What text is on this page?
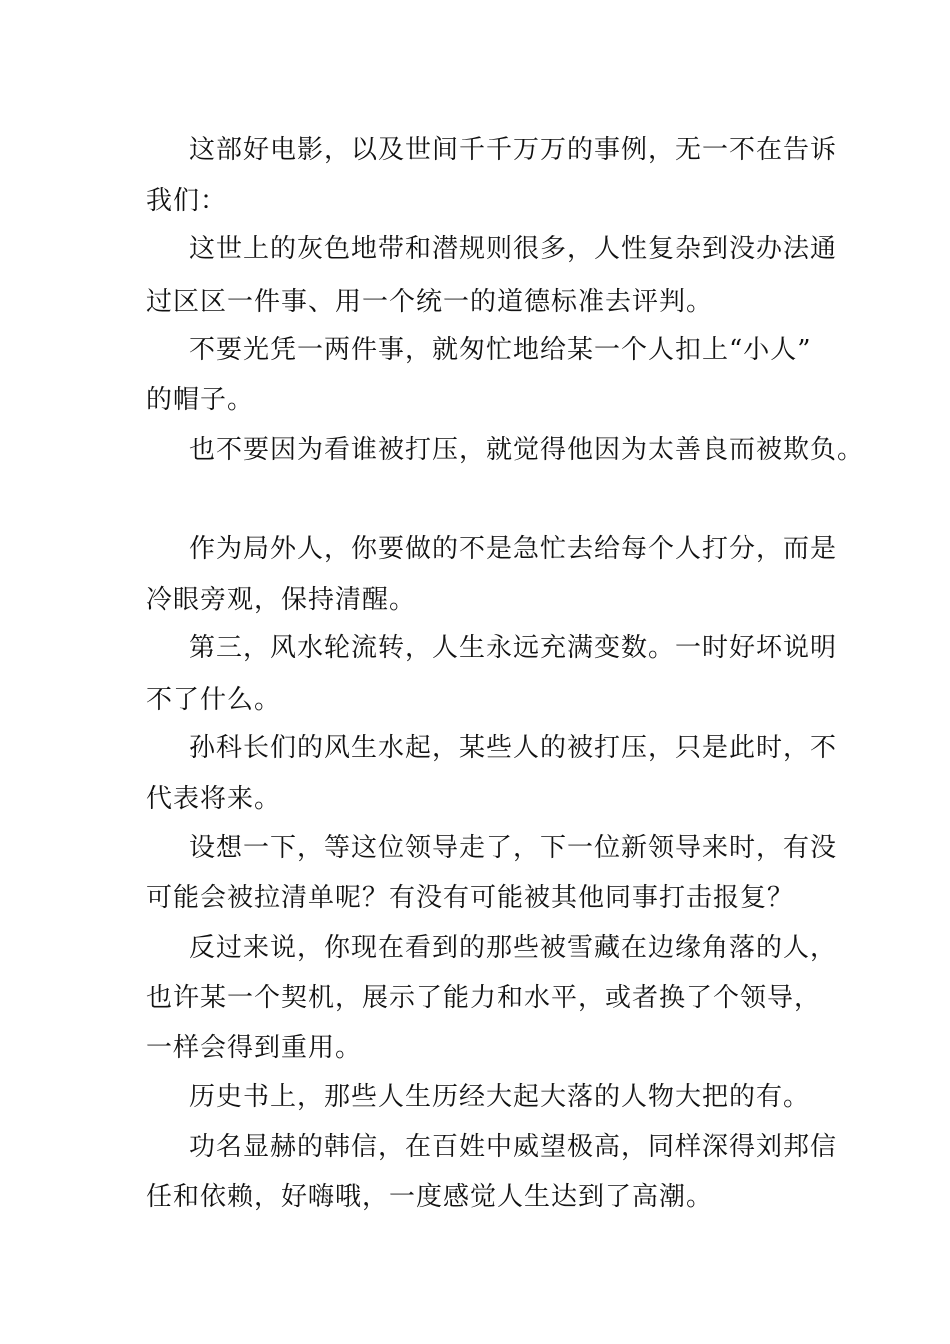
这部好电影，以及世间千千万万的事例，无一不在告诉
我们：
这世上的灰色地带和潜规则很多，人性复杂到没办法通
过区区一件事、用一个统一的道德标准去评判。
不要光凭一两件事，就匆忙地给某一个人扣上“小人”
的帽子。
也不要因为看谁被打压，就觉得他因为太善良而被欺负。
作为局外人，你要做的不是急忙去给每个人打分，而是
冷眼旁观，保持清醒。
第三，风水轮流转，人生永远充满变数。一时好坏说明
不了什么。
孙科长们的风生水起，某些人的被打压，只是此时，不
代表将来。
设想一下，等这位领导走了，下一位新领导来时，有没
可能会被拉清单呢？有没有可能被其他同事打击报复？
反过来说，你现在看到的那些被雪藏在边缘角落的人，
也许某一个契机，展示了能力和水平，或者换了个领导，
一样会得到重用。
历史书上，那些人生历经大起大落的人物大把的有。
功名显赫的韩信，在百姓中威望极高，同样深得刘邦信
任和依赖，好嗨哦，一度感觉人生达到了高潮。
